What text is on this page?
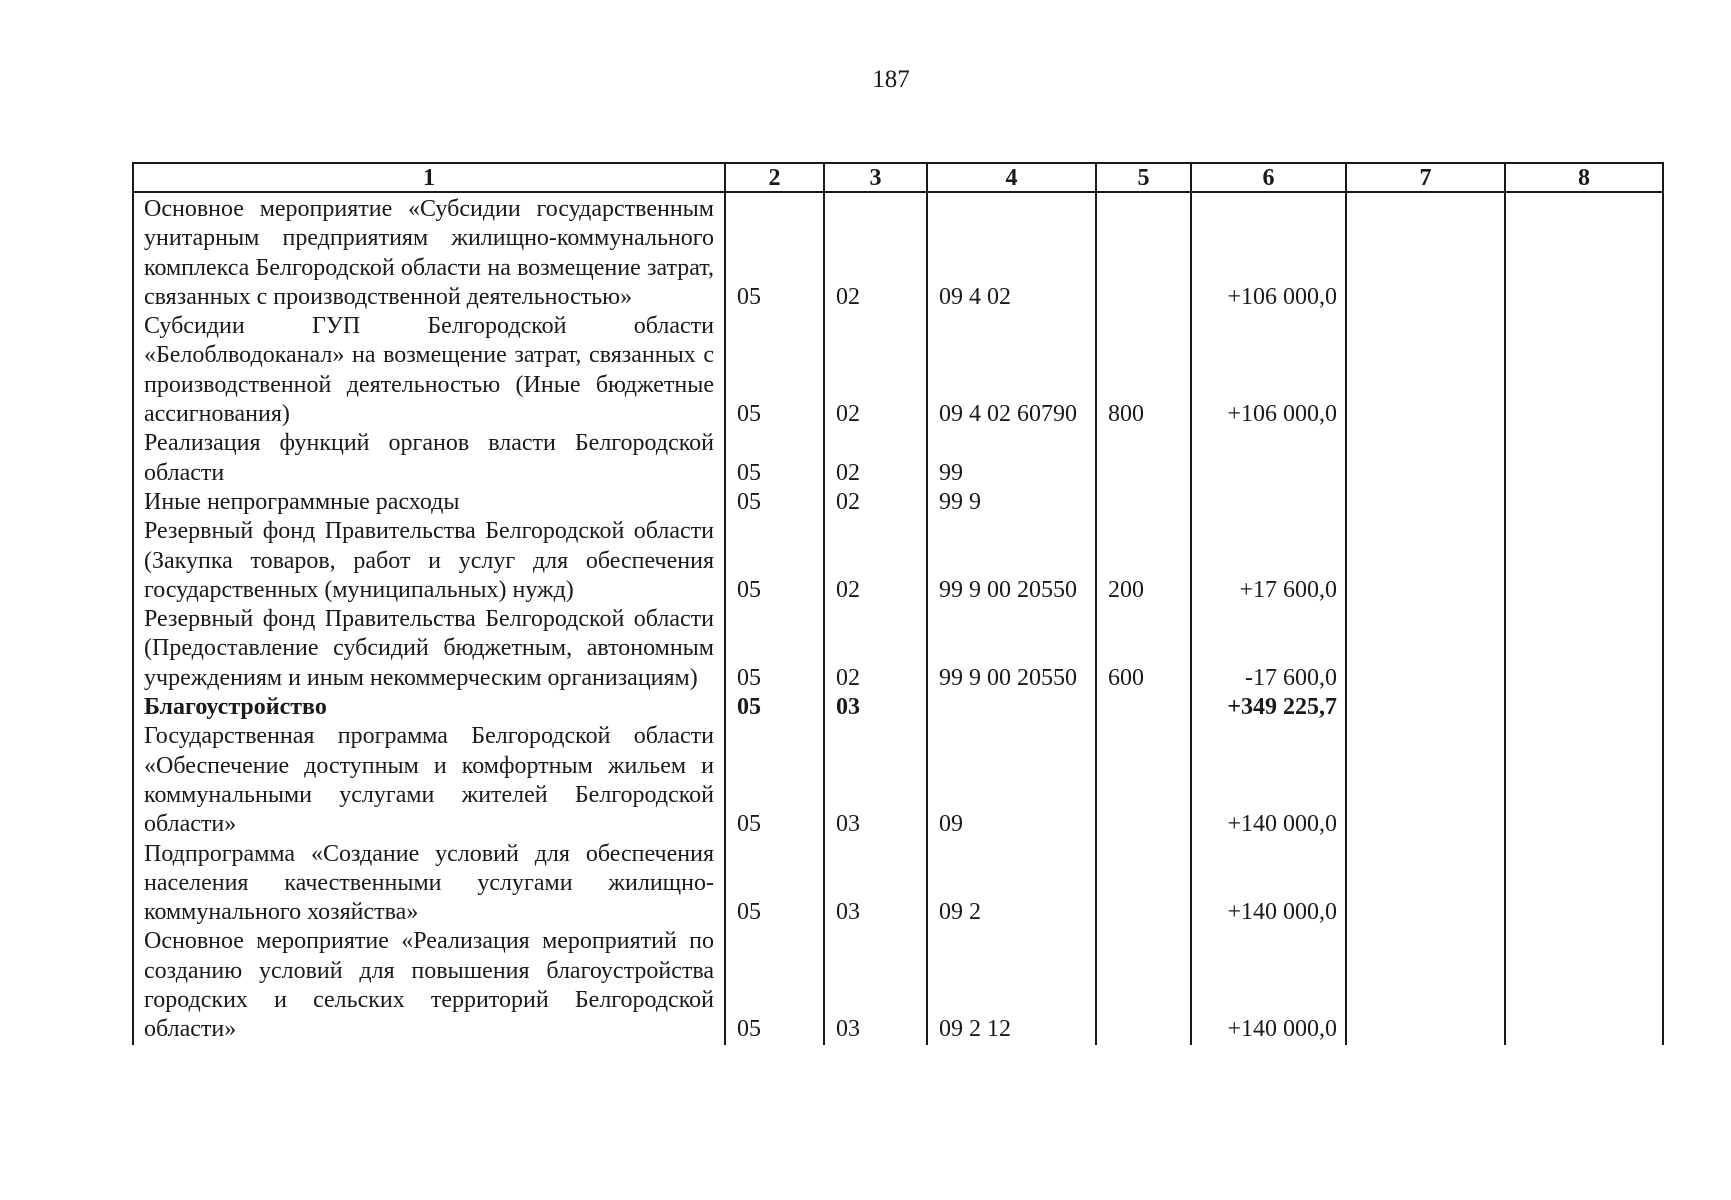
187
1	2	3	4	5	6	7	8
Основное мероприятие «Субсидии государственным унитарным предприятиям жилищно-коммунального комплекса Белгородской области на возмещение затрат, связанных с производственной деятельностью»	05	02	09 4 02		+106 000,0		
Субсидии ГУП Белгородской области «Белоблводоканал» на возмещение затрат, связанных с производственной деятельностью (Иные бюджетные ассигнования)	05	02	09 4 02 60790	800	+106 000,0		
Реализация функций органов власти Белгородской области	05	02	99				
Иные непрограммные расходы	05	02	99 9				
Резервный фонд Правительства Белгородской области (Закупка товаров, работ и услуг для обеспечения государственных (муниципальных) нужд)	05	02	99 9 00 20550	200	+17 600,0		
Резервный фонд Правительства Белгородской области (Предоставление субсидий бюджетным, автономным учреждениям и иным некоммерческим организациям)	05	02	99 9 00 20550	600	-17 600,0		
Благоустройство	05	03			+349 225,7		
Государственная программа Белгородской области «Обеспечение доступным и комфортным жильем и коммунальными услугами жителей Белгородской области»	05	03	09		+140 000,0		
Подпрограмма «Создание условий для обеспечения населения качественными услугами жилищно-коммунального хозяйства»	05	03	09 2		+140 000,0		
Основное мероприятие «Реализация мероприятий по созданию условий для повышения благоустройства городских и сельских территорий Белгородской области»	05	03	09 2 12		+140 000,0		
